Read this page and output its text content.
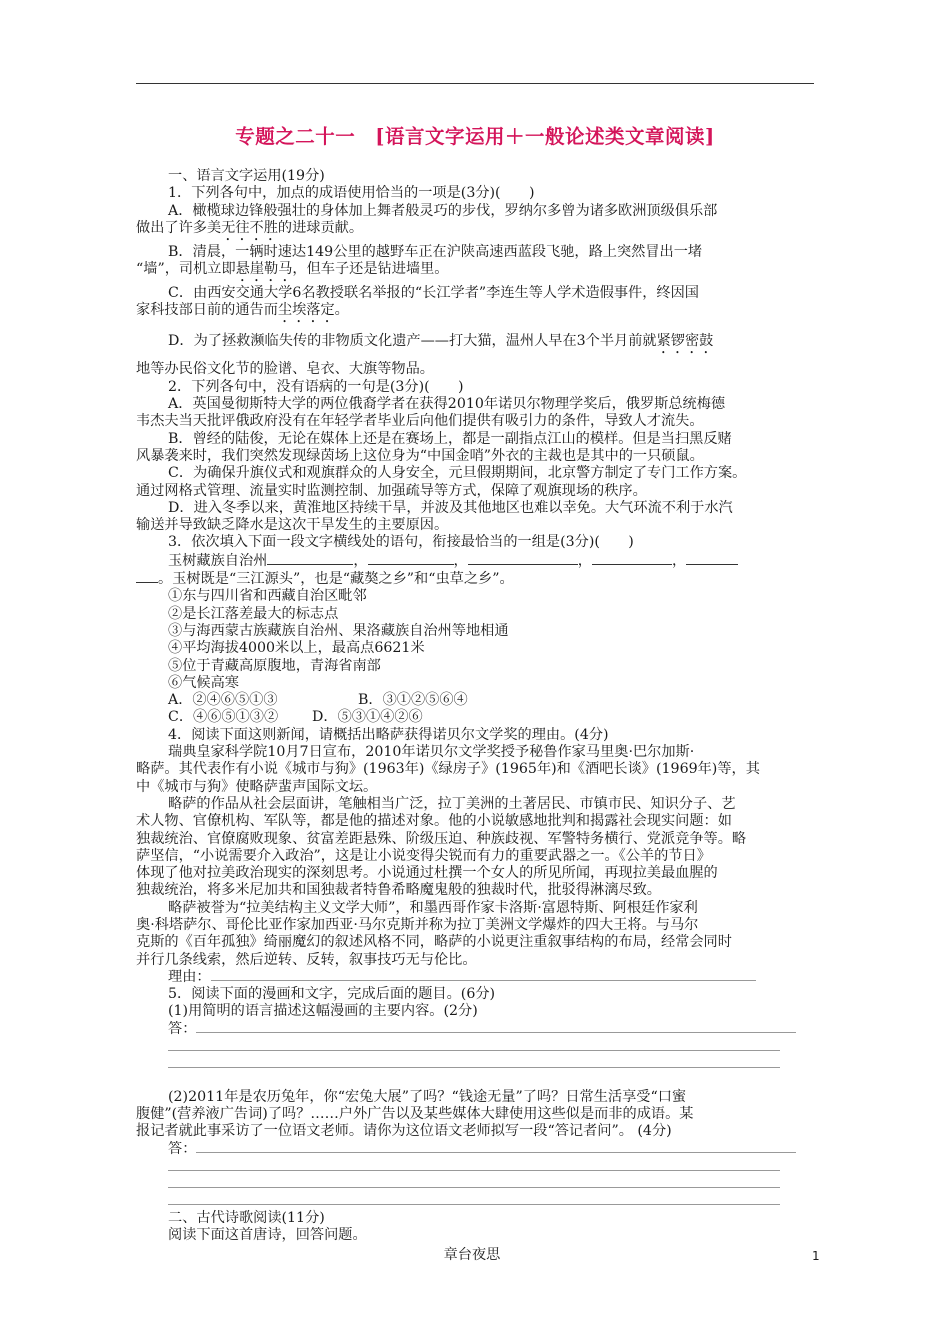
专题之二十一　[语言文字运用＋一般论述类文章阅读]

一、语言文字运用(19分)

1．下列各句中，加点的成语使用恰当的一项是(3分)(　　)

A．橄榄球边锋般强壮的身体加上舞者般灵巧的步伐，罗纳尔多曾为诸多欧洲顶级俱乐部

做出了许多美无往不胜的进球贡献。

B．清晨，一辆时速达149公里的越野车正在沪陕高速西蓝段飞驰，路上突然冒出一堵

“墙”，司机立即悬崖勒马，但车子还是钻进墙里。

C．由西安交通大学6名教授联名举报的“长江学者”李连生等人学术造假事件，终因国

家科技部日前的通告而尘埃落定。

D．为了拯救濒临失传的非物质文化遗产——打大猫，温州人早在3个半月前就紧锣密鼓

地等办民俗文化节的脸谱、皂衣、大旗等物品。

2．下列各句中，没有语病的一句是(3分)(　　)

A．英国曼彻斯特大学的两位俄裔学者在获得2010年诺贝尔物理学奖后，俄罗斯总统梅德

韦杰夫当天批评俄政府没有在年轻学者毕业后向他们提供有吸引力的条件，导致人才流失。

B．曾经的陆俊，无论在媒体上还是在赛场上，都是一副指点江山的模样。但是当扫黑反赌

风暴袭来时，我们突然发现绿茵场上这位身为“中国金哨”外衣的主裁也是其中的一只硕鼠。

C．为确保升旗仪式和观旗群众的人身安全，元旦假期期间，北京警方制定了专门工作方案。

通过网格式管理、流量实时监测控制、加强疏导等方式，保障了观旗现场的秩序。

D．进入冬季以来，黄淮地区持续干旱，并波及其他地区也难以幸免。大气环流不利于水汽

输送并导致缺乏降水是这次干旱发生的主要原因。

3．依次填入下面一段文字横线处的语句，衔接最恰当的一组是(3分)(　　)

玉树藏族自治州	，	，	，	，

。玉树既是“三江源头”，也是“藏獒之乡”和“虫草之乡”。

①东与四川省和西藏自治区毗邻

②是长江落差最大的标志点

③与海西蒙古族藏族自治州、果洛藏族自治州等地相通

④平均海拔4000米以上，最高点6621米

⑤位于青藏高原腹地，青海省南部

⑥气候高寒

A．②④⑥⑤①③	B．③①②⑤⑥④

C．④⑥⑤①③② D．⑤③①④②⑥

4．阅读下面这则新闻，请概括出略萨获得诺贝尔文学奖的理由。(4分)

瑞典皇家科学院10月7日宣布，2010年诺贝尔文学奖授予秘鲁作家马里奥·巴尔加斯·

略萨。其代表作有小说《城市与狗》(1963年)《绿房子》(1965年)和《酒吧长谈》(1969年)等，其

中《城市与狗》使略萨蜚声国际文坛。

略萨的作品从社会层面讲，笔触相当广泛，拉丁美洲的土著居民、市镇市民、知识分子、艺

术人物、官僚机构、军队等，都是他的描述对象。他的小说敏感地批判和揭露社会现实问题：如

独裁统治、官僚腐败现象、贫富差距悬殊、阶级压迫、种族歧视、军警特务横行、党派竞争等。略

萨坚信，“小说需要介入政治”，这是让小说变得尖锐而有力的重要武器之一。《公羊的节日》

体现了他对拉美政治现实的深刻思考。小说通过杜撰一个女人的所见所闻，再现拉美最血腥的

独裁统治，将多米尼加共和国独裁者特鲁希略魔鬼般的独裁时代，批驳得淋漓尽致。

略萨被誉为“拉美结构主义文学大师”，和墨西哥作家卡洛斯·富恩特斯、阿根廷作家利

奥·科塔萨尔、哥伦比亚作家加西亚·马尔克斯并称为拉丁美洲文学爆炸的四大王将。与马尔

克斯的《百年孤独》绮丽魔幻的叙述风格不同，略萨的小说更注重叙事结构的布局，经常会同时

并行几条线索，然后逆转、反转，叙事技巧无与伦比。

理由：

5．阅读下面的漫画和文字，完成后面的题目。(6分)

(1)用简明的语言描述这幅漫画的主要内容。(2分)

答：

(2)2011年是农历兔年，你“宏兔大展”了吗？“钱途无量”了吗？日常生活享受“口蜜

腹健”(营养液广告词)了吗？……户外广告以及某些媒体大肆使用这些似是而非的成语。某

报记者就此事采访了一位语文老师。请你为这位语文老师拟写一段“答记者问”。 (4分)

答：

二、古代诗歌阅读(11分)

阅读下面这首唐诗，回答问题。

章台夜思	1
